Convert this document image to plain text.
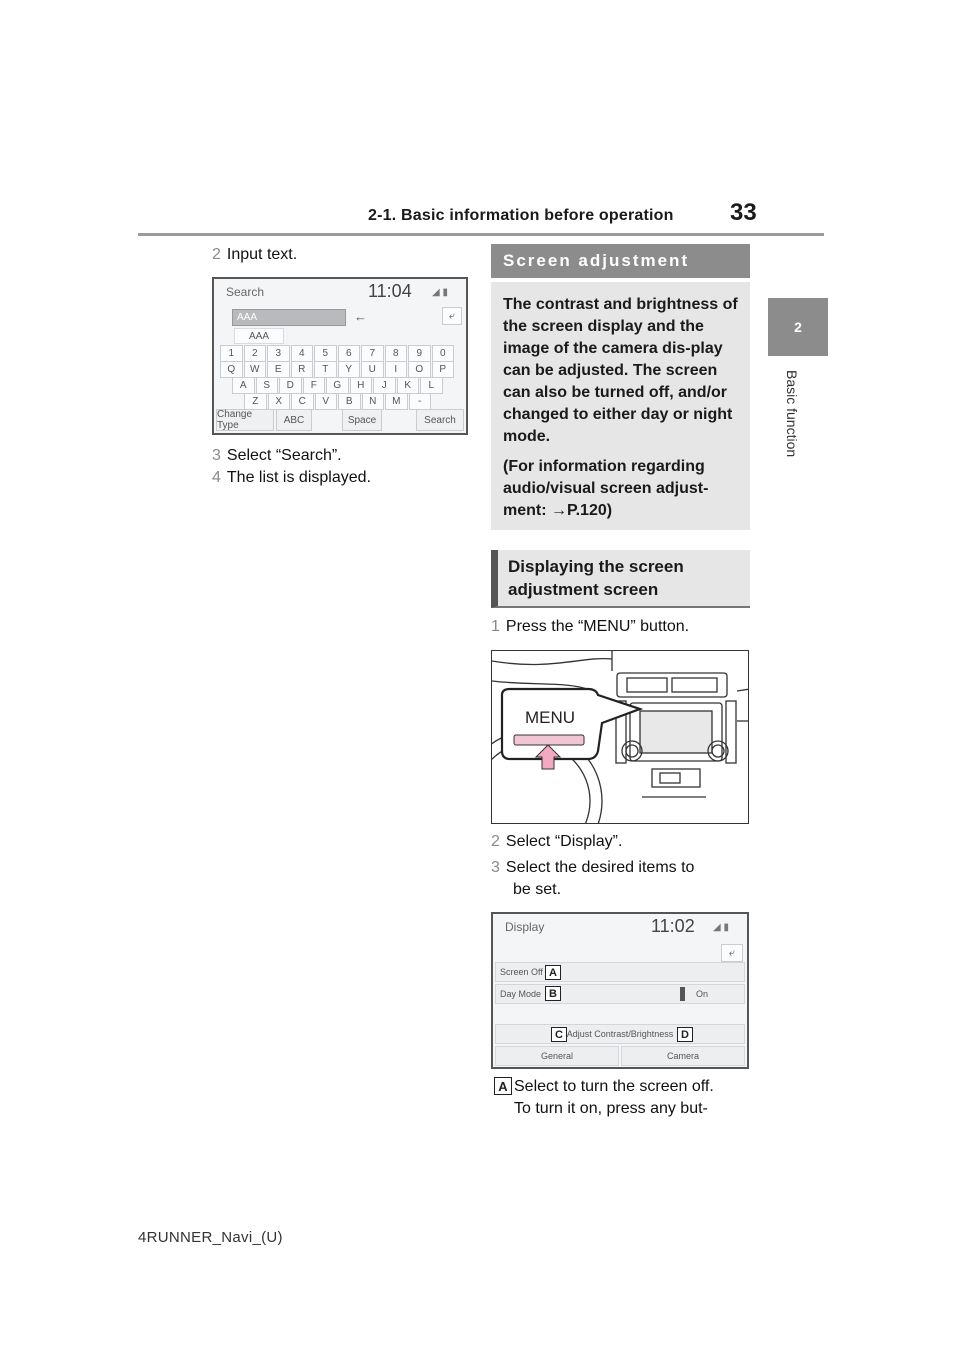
2-1. Basic information before operation 33
2
Basic function
2 Input text.
Search	11:04 ◢ ▮
AAA	←	⤶
AAA
1	2	3	4	5	6	7	8	9	0
Q	W	E	R	T	Y	U	I	O	P
A	S	D	F	G	H	J	K	L
Z	X	C	V	B	N	M	-
Change Type	ABC	Space	Search
3 Select “Search”.
4 The list is displayed.
Screen adjustment

The contrast and brightness of the screen display and the image of the camera dis-play can be adjusted. The screen can also be turned off, and/or changed to either day or night mode.

(For information regarding audio/visual screen adjust-ment: →P.120)

Displaying the screen adjustment screen
1 Press the “MENU” button.
MENU
2 Select “Display”.
3 Select the desired items to
be set.
Display	11:02 ◢ ▮
⤶
Screen Off
Day Mode	On
Adjust Contrast/Brightness
General	Camera
A
B
C	D
A Select to turn the screen off.
To turn it on, press any but-
4RUNNER_Navi_(U)
